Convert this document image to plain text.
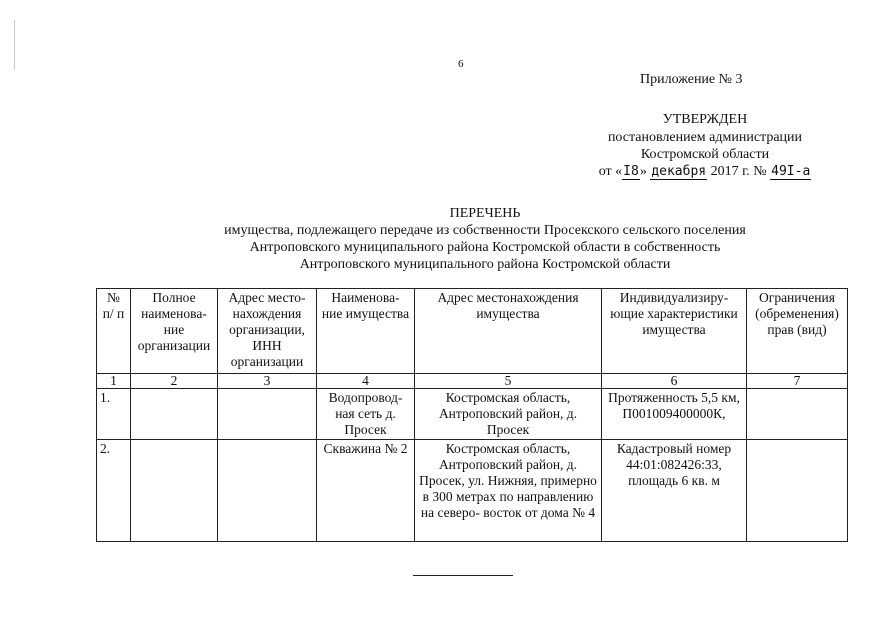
6
Приложение № 3
УТВЕРЖДЕН
постановлением администрации
Костромской области
от «I8» декабря 2017 г. № 49I-а
ПЕРЕЧЕНЬ
имущества, подлежащего передаче из собственности Просекского сельского поселения
Антроповского муниципального района Костромской области в собственность
Антроповского муниципального района Костромской области
№ п/ п	Полное наименова- ние организации	Адрес место- нахождения организации, ИНН организации	Наименова- ние имущества	Адрес местонахождения имущества	Индивидуализиру- ющие характеристики имущества	Ограничения (обременения) прав (вид)
1	2	3	4	5	6	7
1.			Водопровод- ная сеть д. Просек	Костромская область, Антроповский район, д. Просек	Протяженность 5,5 км, П001009400000К,	
2.			Скважина № 2	Костромская область, Антроповский район, д. Просек, ул. Нижняя, примерно в 300 метрах по направлению на северо- восток от дома № 4	Кадастровый номер 44:01:082426:33, площадь 6 кв. м	
